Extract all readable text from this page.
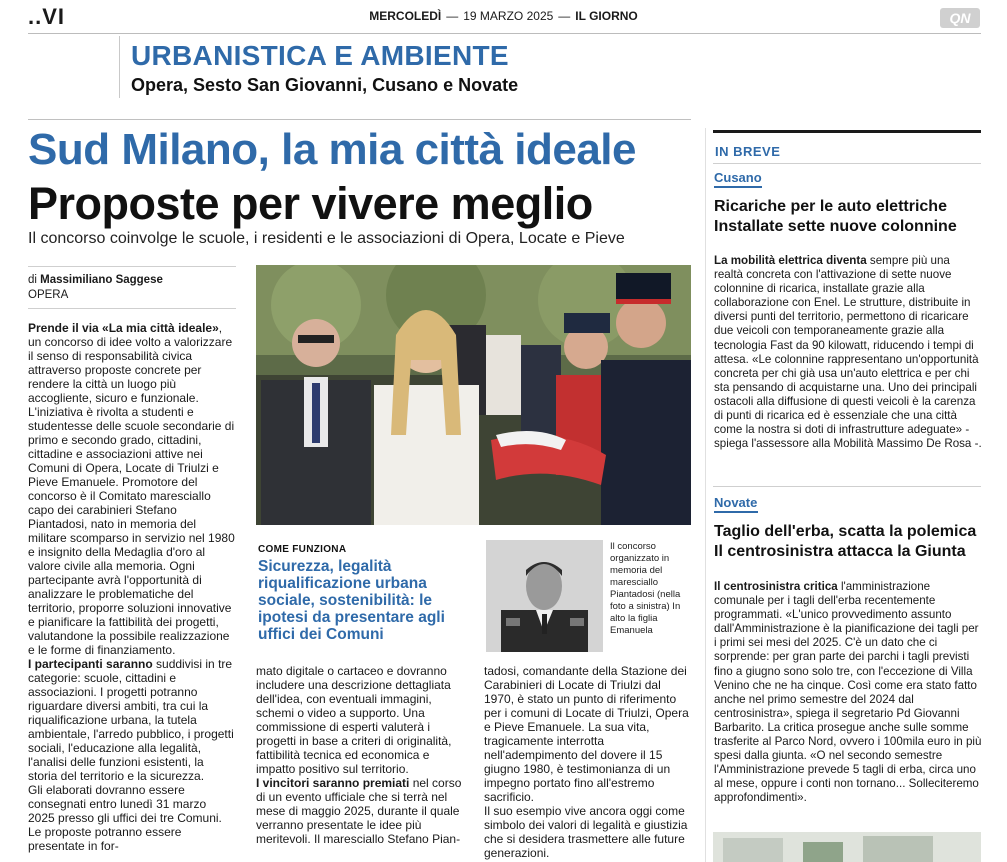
..VI	MERCOLEDÌ — 19 MARZO 2025 — IL GIORNO	QN
URBANISTICA E AMBIENTE
Opera, Sesto San Giovanni, Cusano e Novate
Sud Milano, la mia città ideale
Proposte per vivere meglio
Il concorso coinvolge le scuole, i residenti e le associazioni di Opera, Locate e Pieve
di Massimiliano Saggese
OPERA

Prende il via «La mia città ideale», un concorso di idee volto a valorizzare il senso di responsabilità civica attraverso proposte concrete per rendere la città un luogo più accogliente, sicuro e funzionale. L'iniziativa è rivolta a studenti e studentesse delle scuole secondarie di primo e secondo grado, cittadini, cittadine e associazioni attive nei Comuni di Opera, Locate di Triulzi e Pieve Emanuele. Promotore del concorso è il Comitato maresciallo capo dei carabinieri Stefano Piantadosi, nato in memoria del militare scomparso in servizio nel 1980 e insignito della Medaglia d'oro al valore civile alla memoria. Ogni partecipante avrà l'opportunità di analizzare le problematiche del territorio, proporre soluzioni innovative e pianificare la fattibilità dei progetti, valutandone la possibile realizzazione e le forme di finanziamento.

I partecipanti saranno suddivisi in tre categorie: scuole, cittadini e associazioni. I progetti potranno riguardare diversi ambiti, tra cui la riqualificazione urbana, la tutela ambientale, l'arredo pubblico, i progetti sociali, l'educazione alla legalità, l'analisi delle funzioni esistenti, la storia del territorio e la sicurezza.

Gli elaborati dovranno essere consegnati entro lunedì 31 marzo 2025 presso gli uffici dei tre Comuni. Le proposte potranno essere presentate in for-

COME FUNZIONA
Sicurezza, legalità riqualificazione urbana sociale, sostenibilità: le ipotesi da presentare agli uffici dei Comuni
Il concorso organizzato in memoria del maresciallo Piantadosi (nella foto a sinistra) In alto la figlia Emanuela

mato digitale o cartaceo e dovranno includere una descrizione dettagliata dell'idea, con eventuali immagini, schemi o video a supporto. Una commissione di esperti valuterà i progetti in base a criteri di originalità, fattibilità tecnica ed economica e impatto positivo sul territorio.

I vincitori saranno premiati nel corso di un evento ufficiale che si terrà nel mese di maggio 2025, durante il quale verranno presentate le idee più meritevoli. Il maresciallo Stefano Pian-

tadosi, comandante della Stazione dei Carabinieri di Locate di Triulzi dal 1970, è stato un punto di riferimento per i comuni di Locate di Triulzi, Opera e Pieve Emanuele. La sua vita, tragicamente interrotta nell'adempimento del dovere il 15 giugno 1980, è testimonianza di un impegno portato fino all'estremo sacrificio.

Il suo esempio vive ancora oggi come simbolo dei valori di legalità e giustizia che si desidera trasmettere alle future generazioni.

IN BREVE
Cusano
Ricariche per le auto elettriche Installate sette nuove colonnine
La mobilità elettrica diventa sempre più una realtà concreta con l'attivazione di sette nuove colonnine di ricarica, installate grazie alla collaborazione con Enel. Le strutture, distribuite in diversi punti del territorio, permettono di ricaricare due veicoli con temporaneamente grazie alla tecnologia Fast da 90 kilowatt, riducendo i tempi di attesa. «Le colonnine rappresentano un'opportunità concreta per chi già usa un'auto elettrica e per chi sta pensando di acquistarne una. Uno dei principali ostacoli alla diffusione di questi veicoli è la carenza di punti di ricarica ed è essenziale che una città come la nostra si doti di infrastrutture adeguate» - spiega l'assessore alla Mobilità Massimo De Rosa -.
Novate
Taglio dell'erba, scatta la polemica Il centrosinistra attacca la Giunta
Il centrosinistra critica l'amministrazione comunale per i tagli dell'erba recentemente programmati. «L'unico provvedimento assunto dall'Amministrazione è la pianificazione dei tagli per i primi sei mesi del 2025. C'è un dato che ci sorprende: per gran parte dei parchi i tagli previsti fino a giugno sono solo tre, con l'eccezione di Villa Venino che ne ha cinque. Così come era stato fatto anche nel primo semestre del 2024 dal centrosinistra», spiega il segretario Pd Giovanni Barbarito. La critica prosegue anche sulle somme trasferite al Parco Nord, ovvero i 100mila euro in più spesi dalla giunta. «O nel secondo semestre l'Amministrazione prevede 5 tagli di erba, circa uno al mese, oppure i conti non tornano... Solleciteremo approfondimenti».
